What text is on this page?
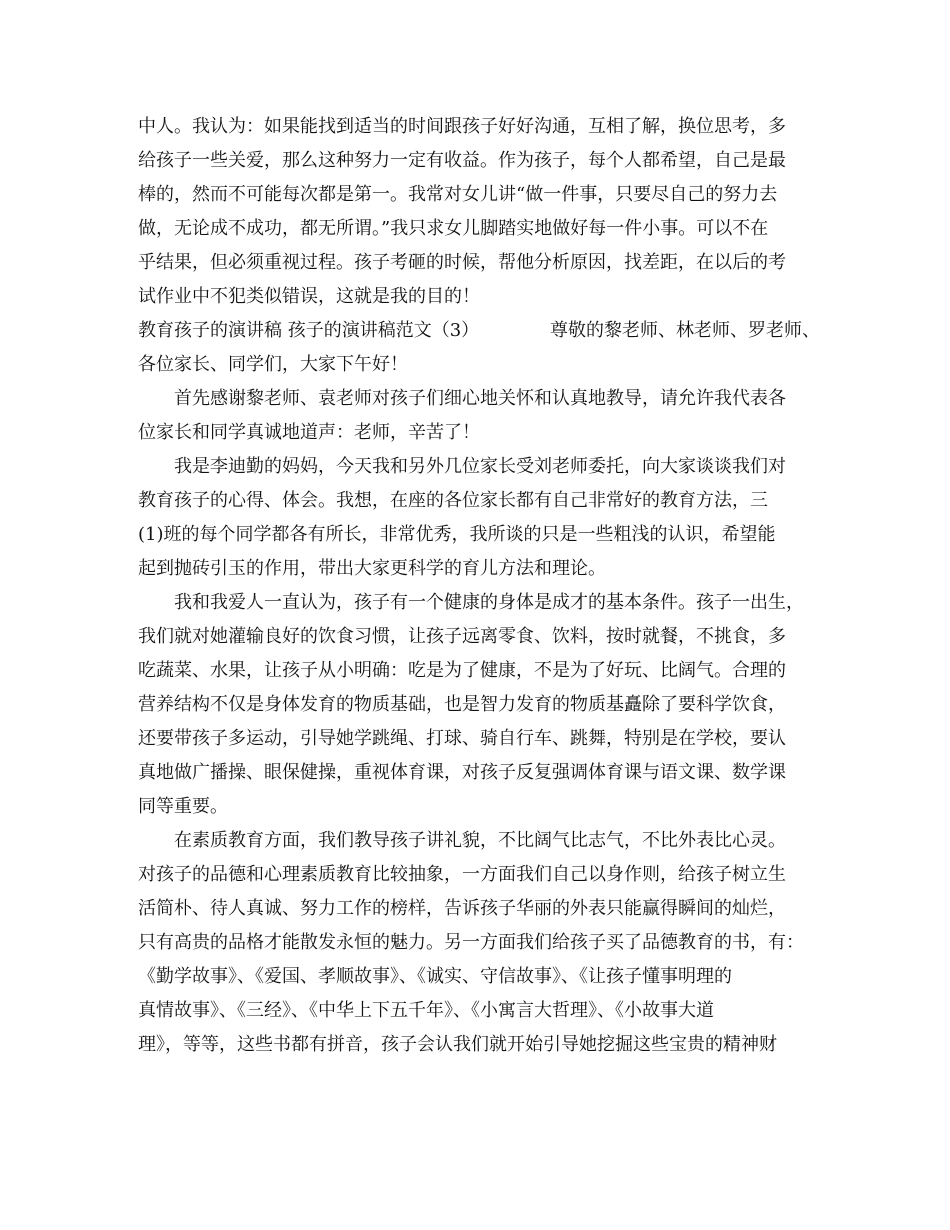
中人。我认为：如果能找到适当的时间跟孩子好好沟通，互相了解，换位思考，多
给孩子一些关爱，那么这种努力一定有收益。作为孩子，每个人都希望，自己是最
棒的，然而不可能每次都是第一。我常对女儿讲“做一件事，只要尽自己的努力去
做，无论成不成功，都无所谓。”我只求女儿脚踏实地做好每一件小事。可以不在
乎结果，但必须重视过程。孩子考砸的时候，帮他分析原因，找差距，在以后的考
试作业中不犯类似错误，这就是我的目的！
教育孩子的演讲稿 孩子的演讲稿范文（3）	尊敬的黎老师、林老师、罗老师、
各位家长、同学们，大家下午好！
首先感谢黎老师、袁老师对孩子们细心地关怀和认真地教导，请允许我代表各
位家长和同学真诚地道声：老师，辛苦了！
我是李迪勤的妈妈，今天我和另外几位家长受刘老师委托，向大家谈谈我们对
教育孩子的心得、体会。我想，在座的各位家长都有自己非常好的教育方法，三
(1)班的每个同学都各有所长，非常优秀，我所谈的只是一些粗浅的认识，希望能
起到抛砖引玉的作用，带出大家更科学的育儿方法和理论。
我和我爱人一直认为，孩子有一个健康的身体是成才的基本条件。孩子一出生，
我们就对她灌输良好的饮食习惯，让孩子远离零食、饮料，按时就餐，不挑食，多
吃蔬菜、水果，让孩子从小明确：吃是为了健康，不是为了好玩、比阔气。合理的
营养结构不仅是身体发育的物质基础，也是智力发育的物质基矗除了要科学饮食，
还要带孩子多运动，引导她学跳绳、打球、骑自行车、跳舞，特别是在学校，要认
真地做广播操、眼保健操，重视体育课，对孩子反复强调体育课与语文课、数学课
同等重要。
在素质教育方面，我们教导孩子讲礼貌，不比阔气比志气，不比外表比心灵。
对孩子的品德和心理素质教育比较抽象，一方面我们自己以身作则，给孩子树立生
活简朴、待人真诚、努力工作的榜样，告诉孩子华丽的外表只能赢得瞬间的灿烂，
只有高贵的品格才能散发永恒的魅力。另一方面我们给孩子买了品德教育的书，有：
《勤学故事》、《爱国、孝顺故事》、《诚实、守信故事》、《让孩子懂事明理的
真情故事》、《三经》、《中华上下五千年》、《小寓言大哲理》、《小故事大道
理》，等等，这些书都有拼音，孩子会认我们就开始引导她挖掘这些宝贵的精神财
